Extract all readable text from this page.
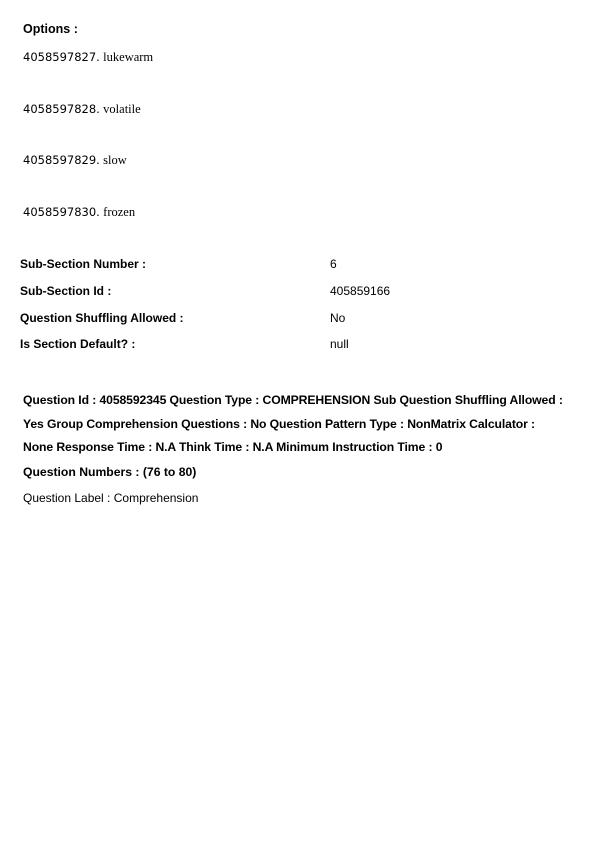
Options :
4058597827. lukewarm
4058597828. volatile
4058597829. slow
4058597830. frozen
Sub-Section Number :	6
Sub-Section Id :	405859166
Question Shuffling Allowed :	No
Is Section Default? :	null
Question Id : 4058592345 Question Type : COMPREHENSION Sub Question Shuffling Allowed :
Yes Group Comprehension Questions : No Question Pattern Type : NonMatrix Calculator :
None Response Time : N.A Think Time : N.A Minimum Instruction Time : 0
Question Numbers : (76 to 80)
Question Label : Comprehension
